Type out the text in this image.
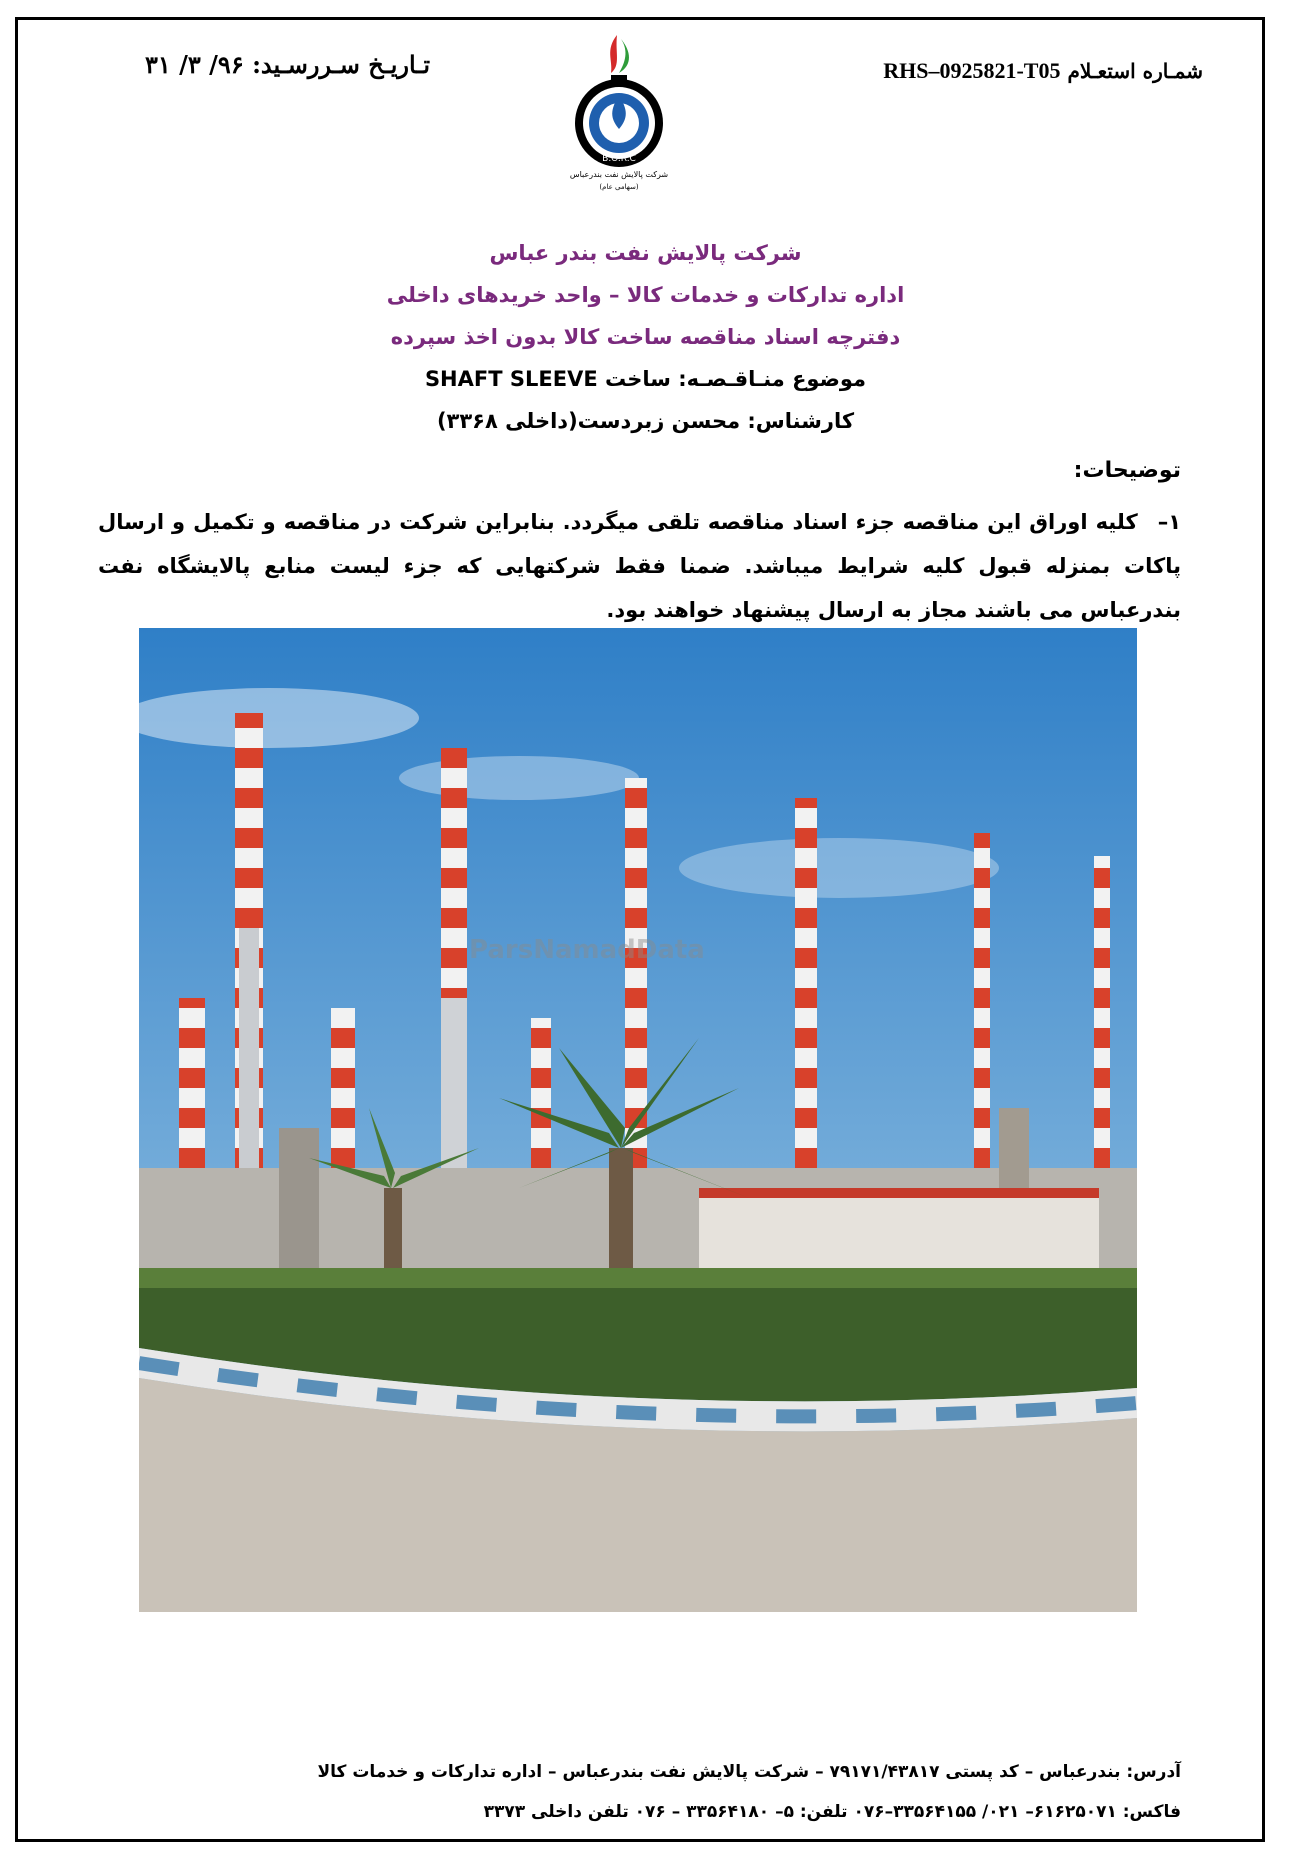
تـاریـخ سـررسـید: ۹۶/ ۳/ ۳۱	شمـاره استعـلام RHS–0925821-T05
B.O.R.C
شرکت پالایش نفت بندرعباس
(سهامی عام)
شرکت پالایش نفت بندر عباس
اداره تدارکات و خدمات کالا – واحد خریدهای داخلی
دفترچه اسناد مناقصه ساخت کالا بدون اخذ سپرده
موضوع منـاقـصـه: ساخت SHAFT SLEEVE
کارشناس: محسن زبردست(داخلی ۳۳۶۸)
توضیحات:
۱– کلیه اوراق این مناقصه جزء اسناد مناقصه تلقی میگردد. بنابراین شرکت در مناقصه و تکمیل و ارسال پاکات بمنزله قبول کلیه شرایط میباشد. ضمنا فقط شرکتهایی که جزء لیست منابع پالایشگاه نفت بندرعباس می باشند مجاز به ارسال پیشنهاد خواهند بود.
ParsNamadData
آدرس: بندرعباس – کد پستی ۷۹۱۷۱/۴۳۸۱۷ – شرکت پالایش نفت بندرعباس – اداره تدارکات و خدمات کالا
فاکس: ۶۱۶۲۵۰۷۱– ۰۲۱/ ۳۳۵۶۴۱۵۵–۰۷۶ تلفن: ۵– ۳۳۵۶۴۱۸۰ – ۰۷۶ تلفن داخلی ۳۳۷۳
